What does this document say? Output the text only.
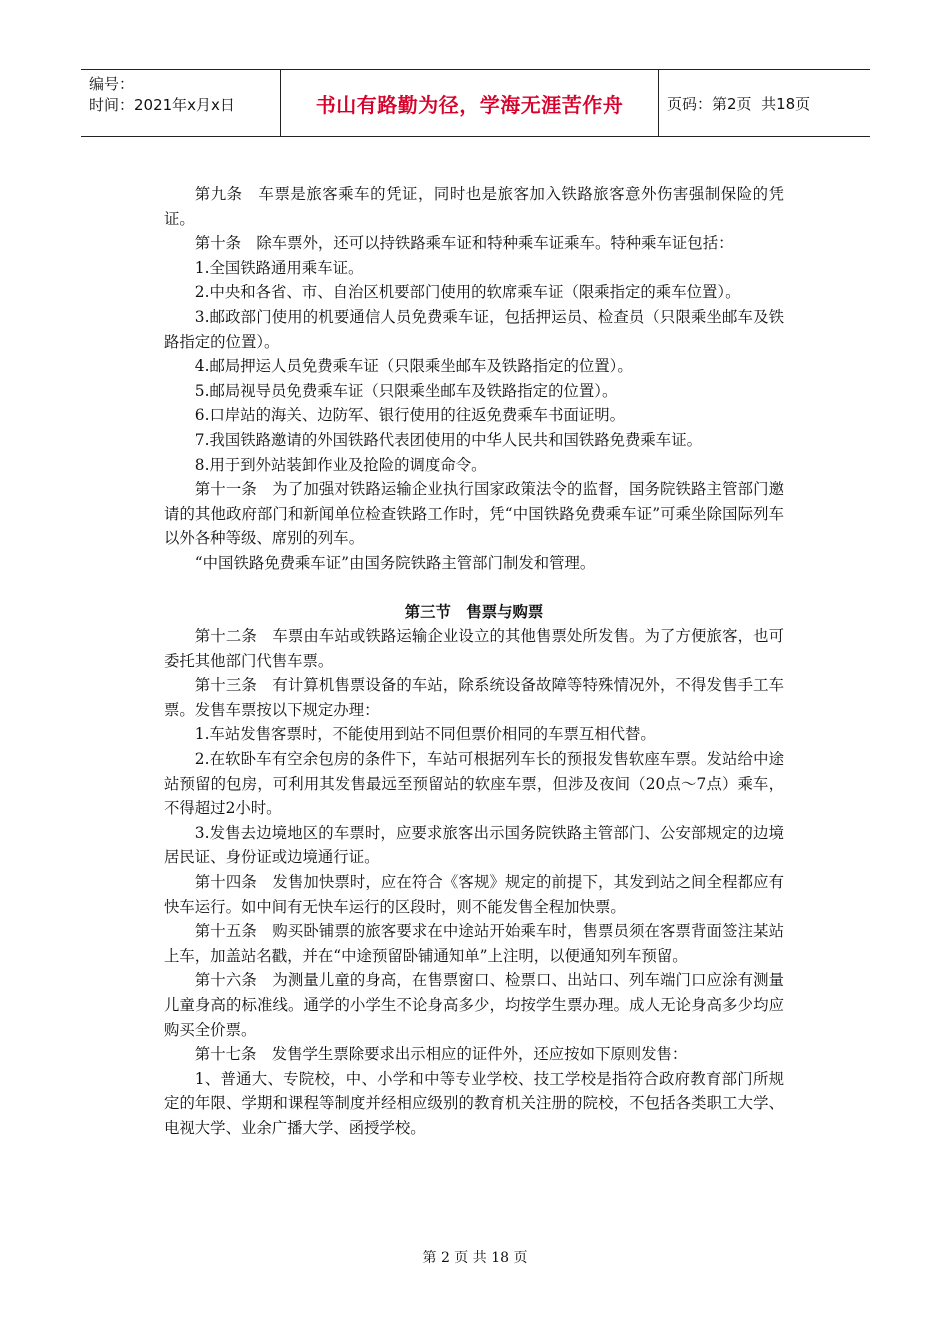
编号：
时间：2021年x月x日	书山有路勤为径，学海无涯苦作舟	页码：第2页  共18页

第九条　车票是旅客乘车的凭证，同时也是旅客加入铁路旅客意外伤害强制保险的凭证。

第十条　除车票外，还可以持铁路乘车证和特种乘车证乘车。特种乘车证包括：

1.全国铁路通用乘车证。

2.中央和各省、市、自治区机要部门使用的软席乘车证（限乘指定的乘车位置）。

3.邮政部门使用的机要通信人员免费乘车证，包括押运员、检查员（只限乘坐邮车及铁路指定的位置）。

4.邮局押运人员免费乘车证（只限乘坐邮车及铁路指定的位置）。

5.邮局视导员免费乘车证（只限乘坐邮车及铁路指定的位置）。

6.口岸站的海关、边防军、银行使用的往返免费乘车书面证明。

7.我国铁路邀请的外国铁路代表团使用的中华人民共和国铁路免费乘车证。

8.用于到外站装卸作业及抢险的调度命令。

第十一条　为了加强对铁路运输企业执行国家政策法令的监督，国务院铁路主管部门邀请的其他政府部门和新闻单位检查铁路工作时，凭“中国铁路免费乘车证”可乘坐除国际列车以外各种等级、席别的列车。

“中国铁路免费乘车证”由国务院铁路主管部门制发和管理。

第三节　售票与购票

第十二条　车票由车站或铁路运输企业设立的其他售票处所发售。为了方便旅客，也可委托其他部门代售车票。

第十三条　有计算机售票设备的车站，除系统设备故障等特殊情况外，不得发售手工车票。发售车票按以下规定办理：

1.车站发售客票时，不能使用到站不同但票价相同的车票互相代替。

2.在软卧车有空余包房的条件下，车站可根据列车长的预报发售软座车票。发站给中途站预留的包房，可利用其发售最远至预留站的软座车票，但涉及夜间（20点～7点）乘车，不得超过2小时。

3.发售去边境地区的车票时，应要求旅客出示国务院铁路主管部门、公安部规定的边境居民证、身份证或边境通行证。

第十四条　发售加快票时，应在符合《客规》规定的前提下，其发到站之间全程都应有快车运行。如中间有无快车运行的区段时，则不能发售全程加快票。

第十五条　购买卧铺票的旅客要求在中途站开始乘车时，售票员须在客票背面签注某站上车，加盖站名戳，并在“中途预留卧铺通知单”上注明，以便通知列车预留。

第十六条　为测量儿童的身高，在售票窗口、检票口、出站口、列车端门口应涂有测量儿童身高的标准线。通学的小学生不论身高多少，均按学生票办理。成人无论身高多少均应购买全价票。

第十七条　发售学生票除要求出示相应的证件外，还应按如下原则发售：

1、普通大、专院校，中、小学和中等专业学校、技工学校是指符合政府教育部门所规定的年限、学期和课程等制度并经相应级别的教育机关注册的院校，不包括各类职工大学、电视大学、业余广播大学、函授学校。

第 2 页 共 18 页
